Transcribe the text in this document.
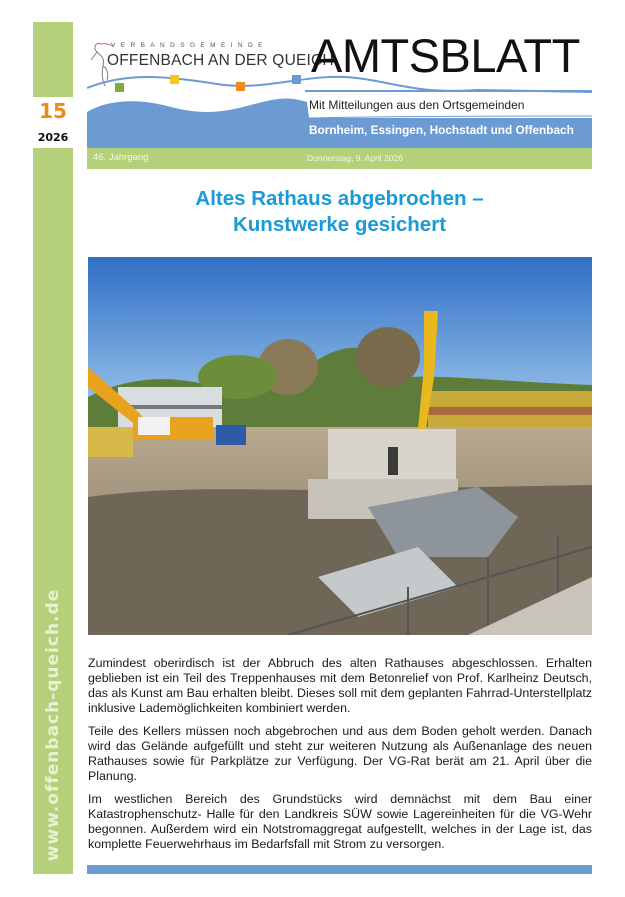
15
2026
www.offenbach-queich.de
VERBANDSGEMEINDE
OFFENBACH AN DER QUEICH
AMTSBLATT
Mit Mitteilungen aus den Ortsgemeinden
Bornheim, Essingen, Hochstadt und Offenbach
46. Jahrgang	Donnerstag, 9. April 2026
Altes Rathaus abgebrochen –
Kunstwerke gesichert

Zumindest oberirdisch ist der Abbruch des alten Rathauses abgeschlossen. Erhalten geblieben ist ein Teil des Treppenhauses mit dem Betonrelief von Prof. Karlheinz Deutsch, das als Kunst am Bau erhalten bleibt. Dieses soll mit dem geplanten Fahrrad-Unterstellplatz inklusive Lademöglichkeiten kombiniert werden.

Teile des Kellers müssen noch abgebrochen und aus dem Boden geholt werden. Danach wird das Gelände aufgefüllt und steht zur weiteren Nutzung als Außenanlage des neuen Rathauses sowie für Parkplätze zur Verfügung. Der VG-Rat berät am 21. April über die Planung.

Im westlichen Bereich des Grundstücks wird demnächst mit dem Bau einer Katastrophenschutz- Halle für den Landkreis SÜW sowie Lagereinheiten für die VG-Wehr begonnen. Außerdem wird ein Notstromaggregat aufgestellt, welches in der Lage ist, das komplette Feuerwehrhaus im Bedarfsfall mit Strom zu versorgen.
